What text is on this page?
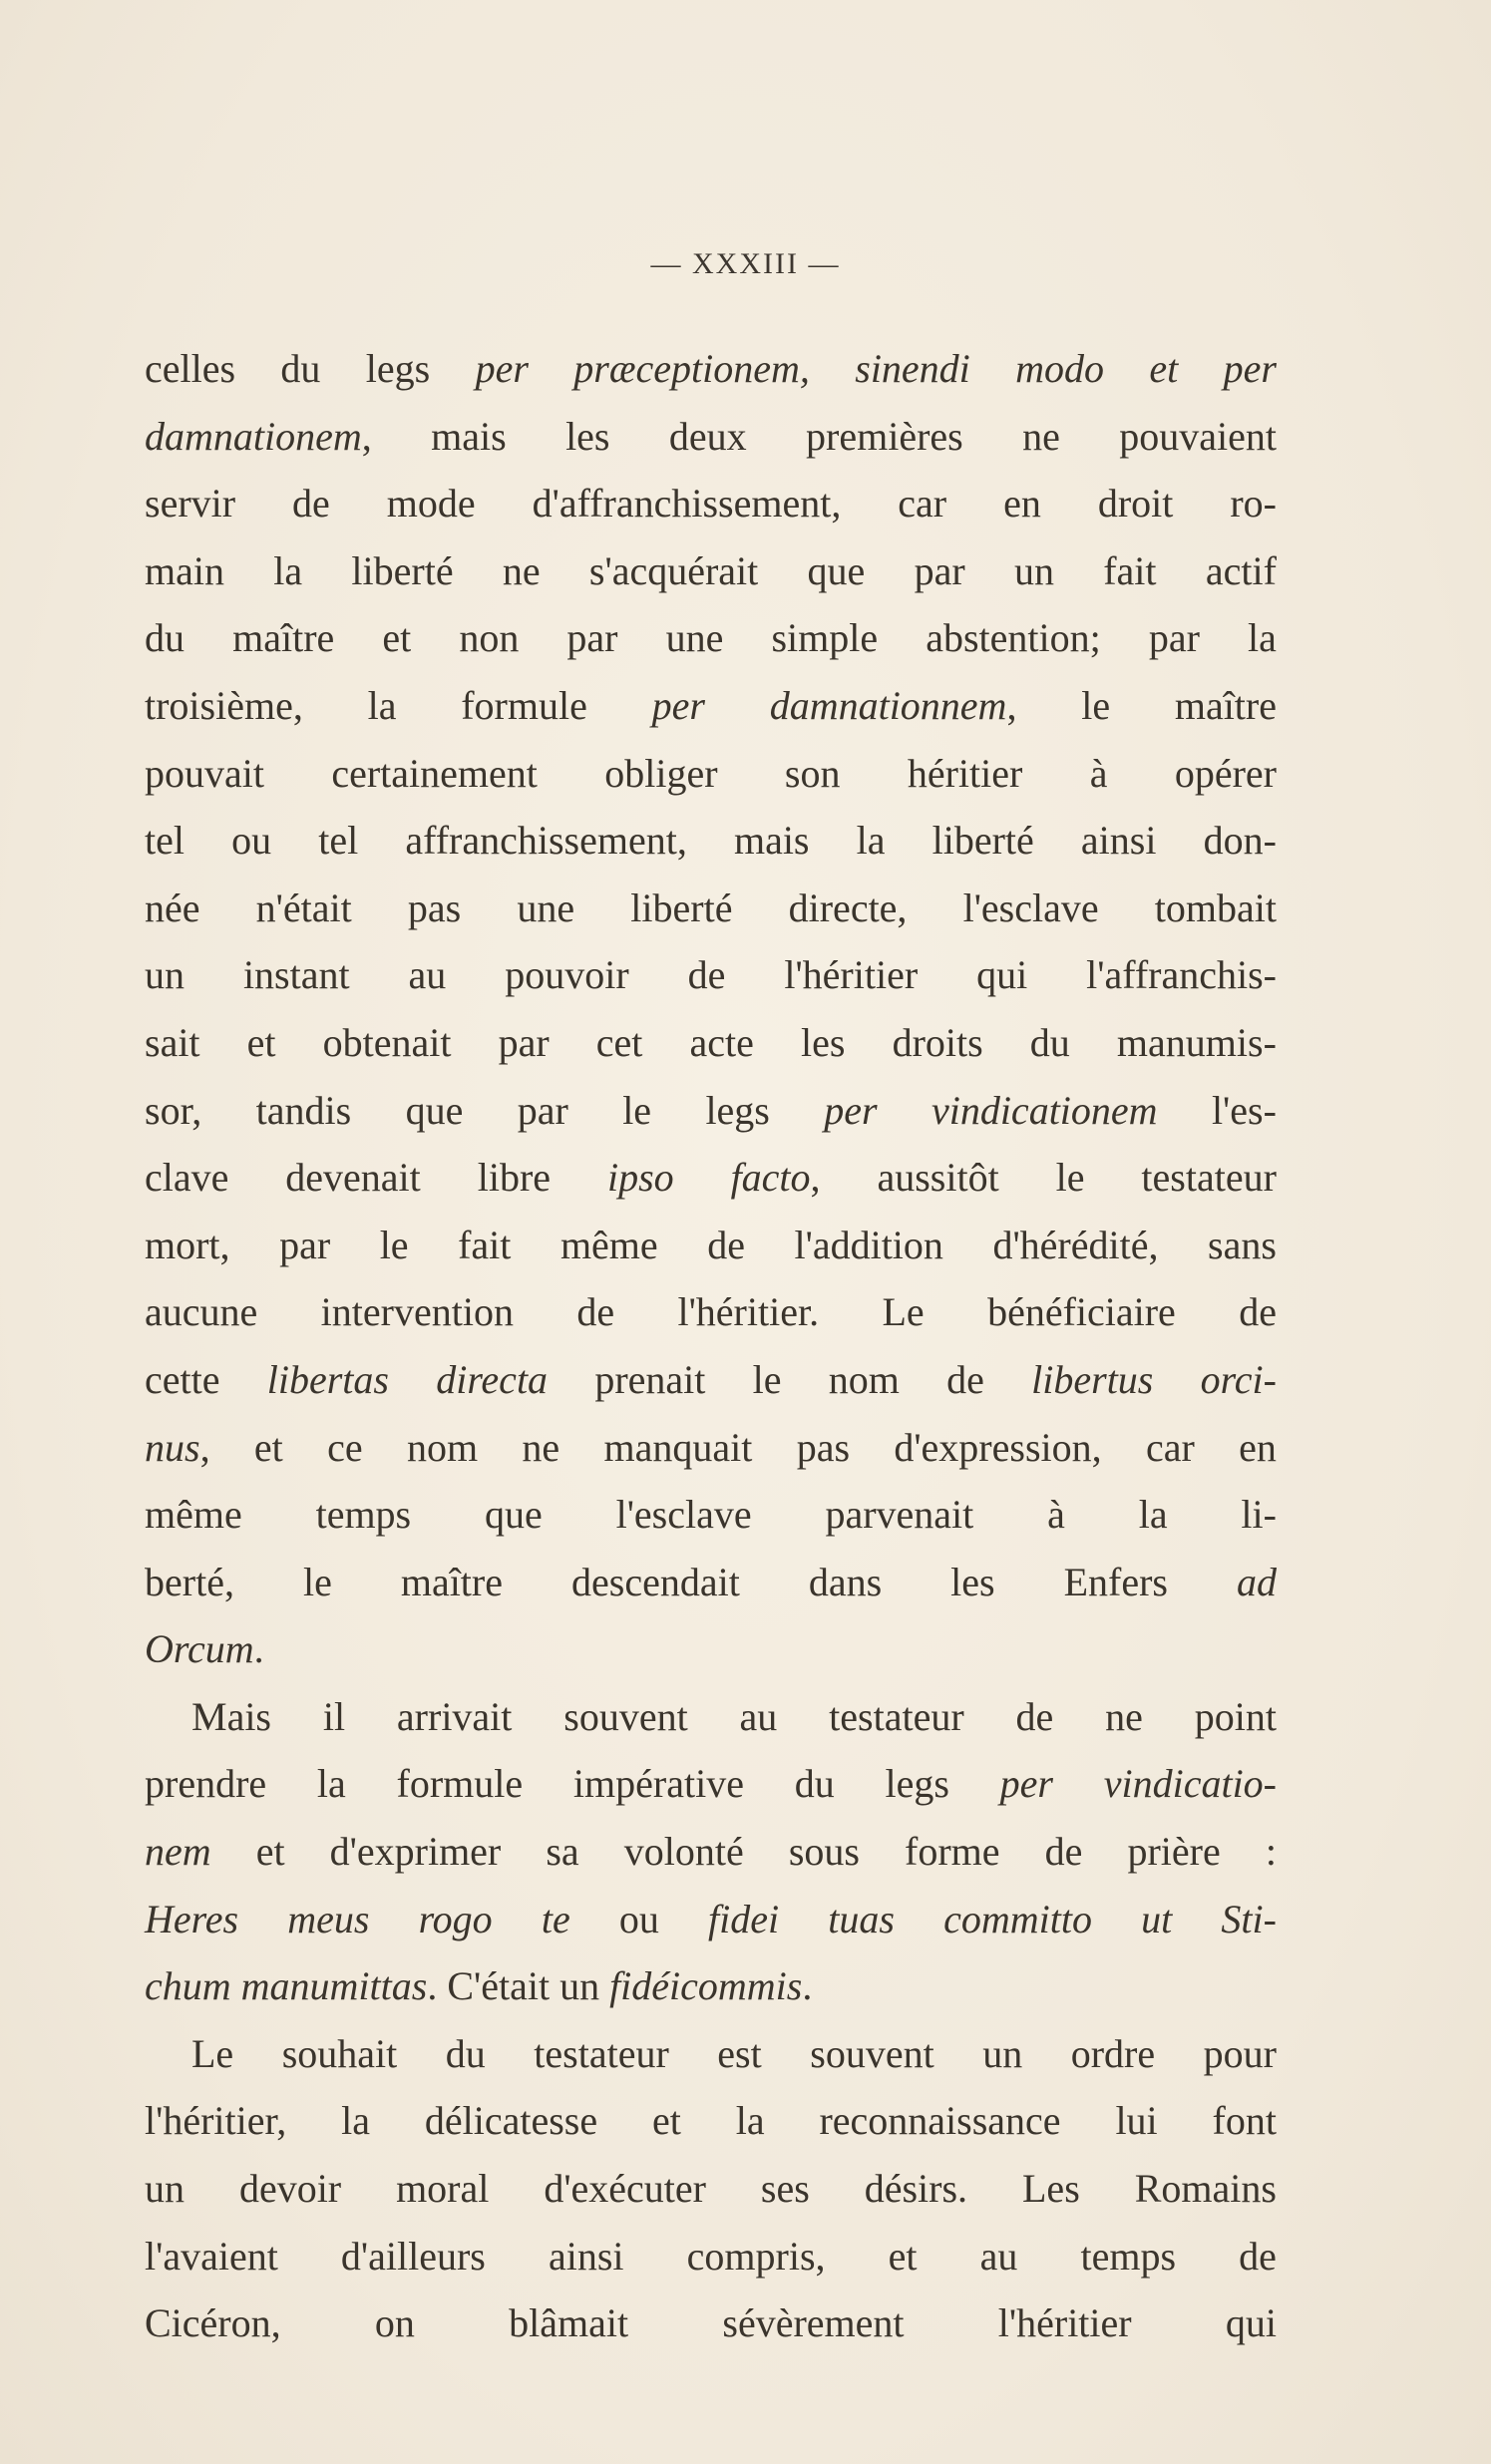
— XXXIII —
celles du legs per præceptionem, sinendi modo et per
damnationem, mais les deux premières ne pouvaient
servir de mode d'affranchissement, car en droit ro-
main la liberté ne s'acquérait que par un fait actif
du maître et non par une simple abstention; par la
troisième, la formule per damnationnem, le maître
pouvait certainement obliger son héritier à opérer
tel ou tel affranchissement, mais la liberté ainsi don-
née n'était pas une liberté directe, l'esclave tombait
un instant au pouvoir de l'héritier qui l'affranchis-
sait et obtenait par cet acte les droits du manumis-
sor, tandis que par le legs per vindicationem l'es-
clave devenait libre ipso facto, aussitôt le testateur
mort, par le fait même de l'addition d'hérédité, sans
aucune intervention de l'héritier. Le bénéficiaire de
cette libertas directa prenait le nom de libertus orci-
nus, et ce nom ne manquait pas d'expression, car en
même temps que l'esclave parvenait à la li-
berté, le maître descendait dans les Enfers ad
Orcum .
Mais il arrivait souvent au testateur de ne point
prendre la formule impérative du legs per vindicatio-
nem et d'exprimer sa volonté sous forme de prière :
Heres meus rogo te ou fidei tuas committo ut Sti-
chum manumittas . C'était un fidéicommis .
Le souhait du testateur est souvent un ordre pour
l'héritier, la délicatesse et la reconnaissance lui font
un devoir moral d'exécuter ses désirs. Les Romains
l'avaient d'ailleurs ainsi compris, et au temps de
Cicéron, on blâmait sévèrement l'héritier qui
